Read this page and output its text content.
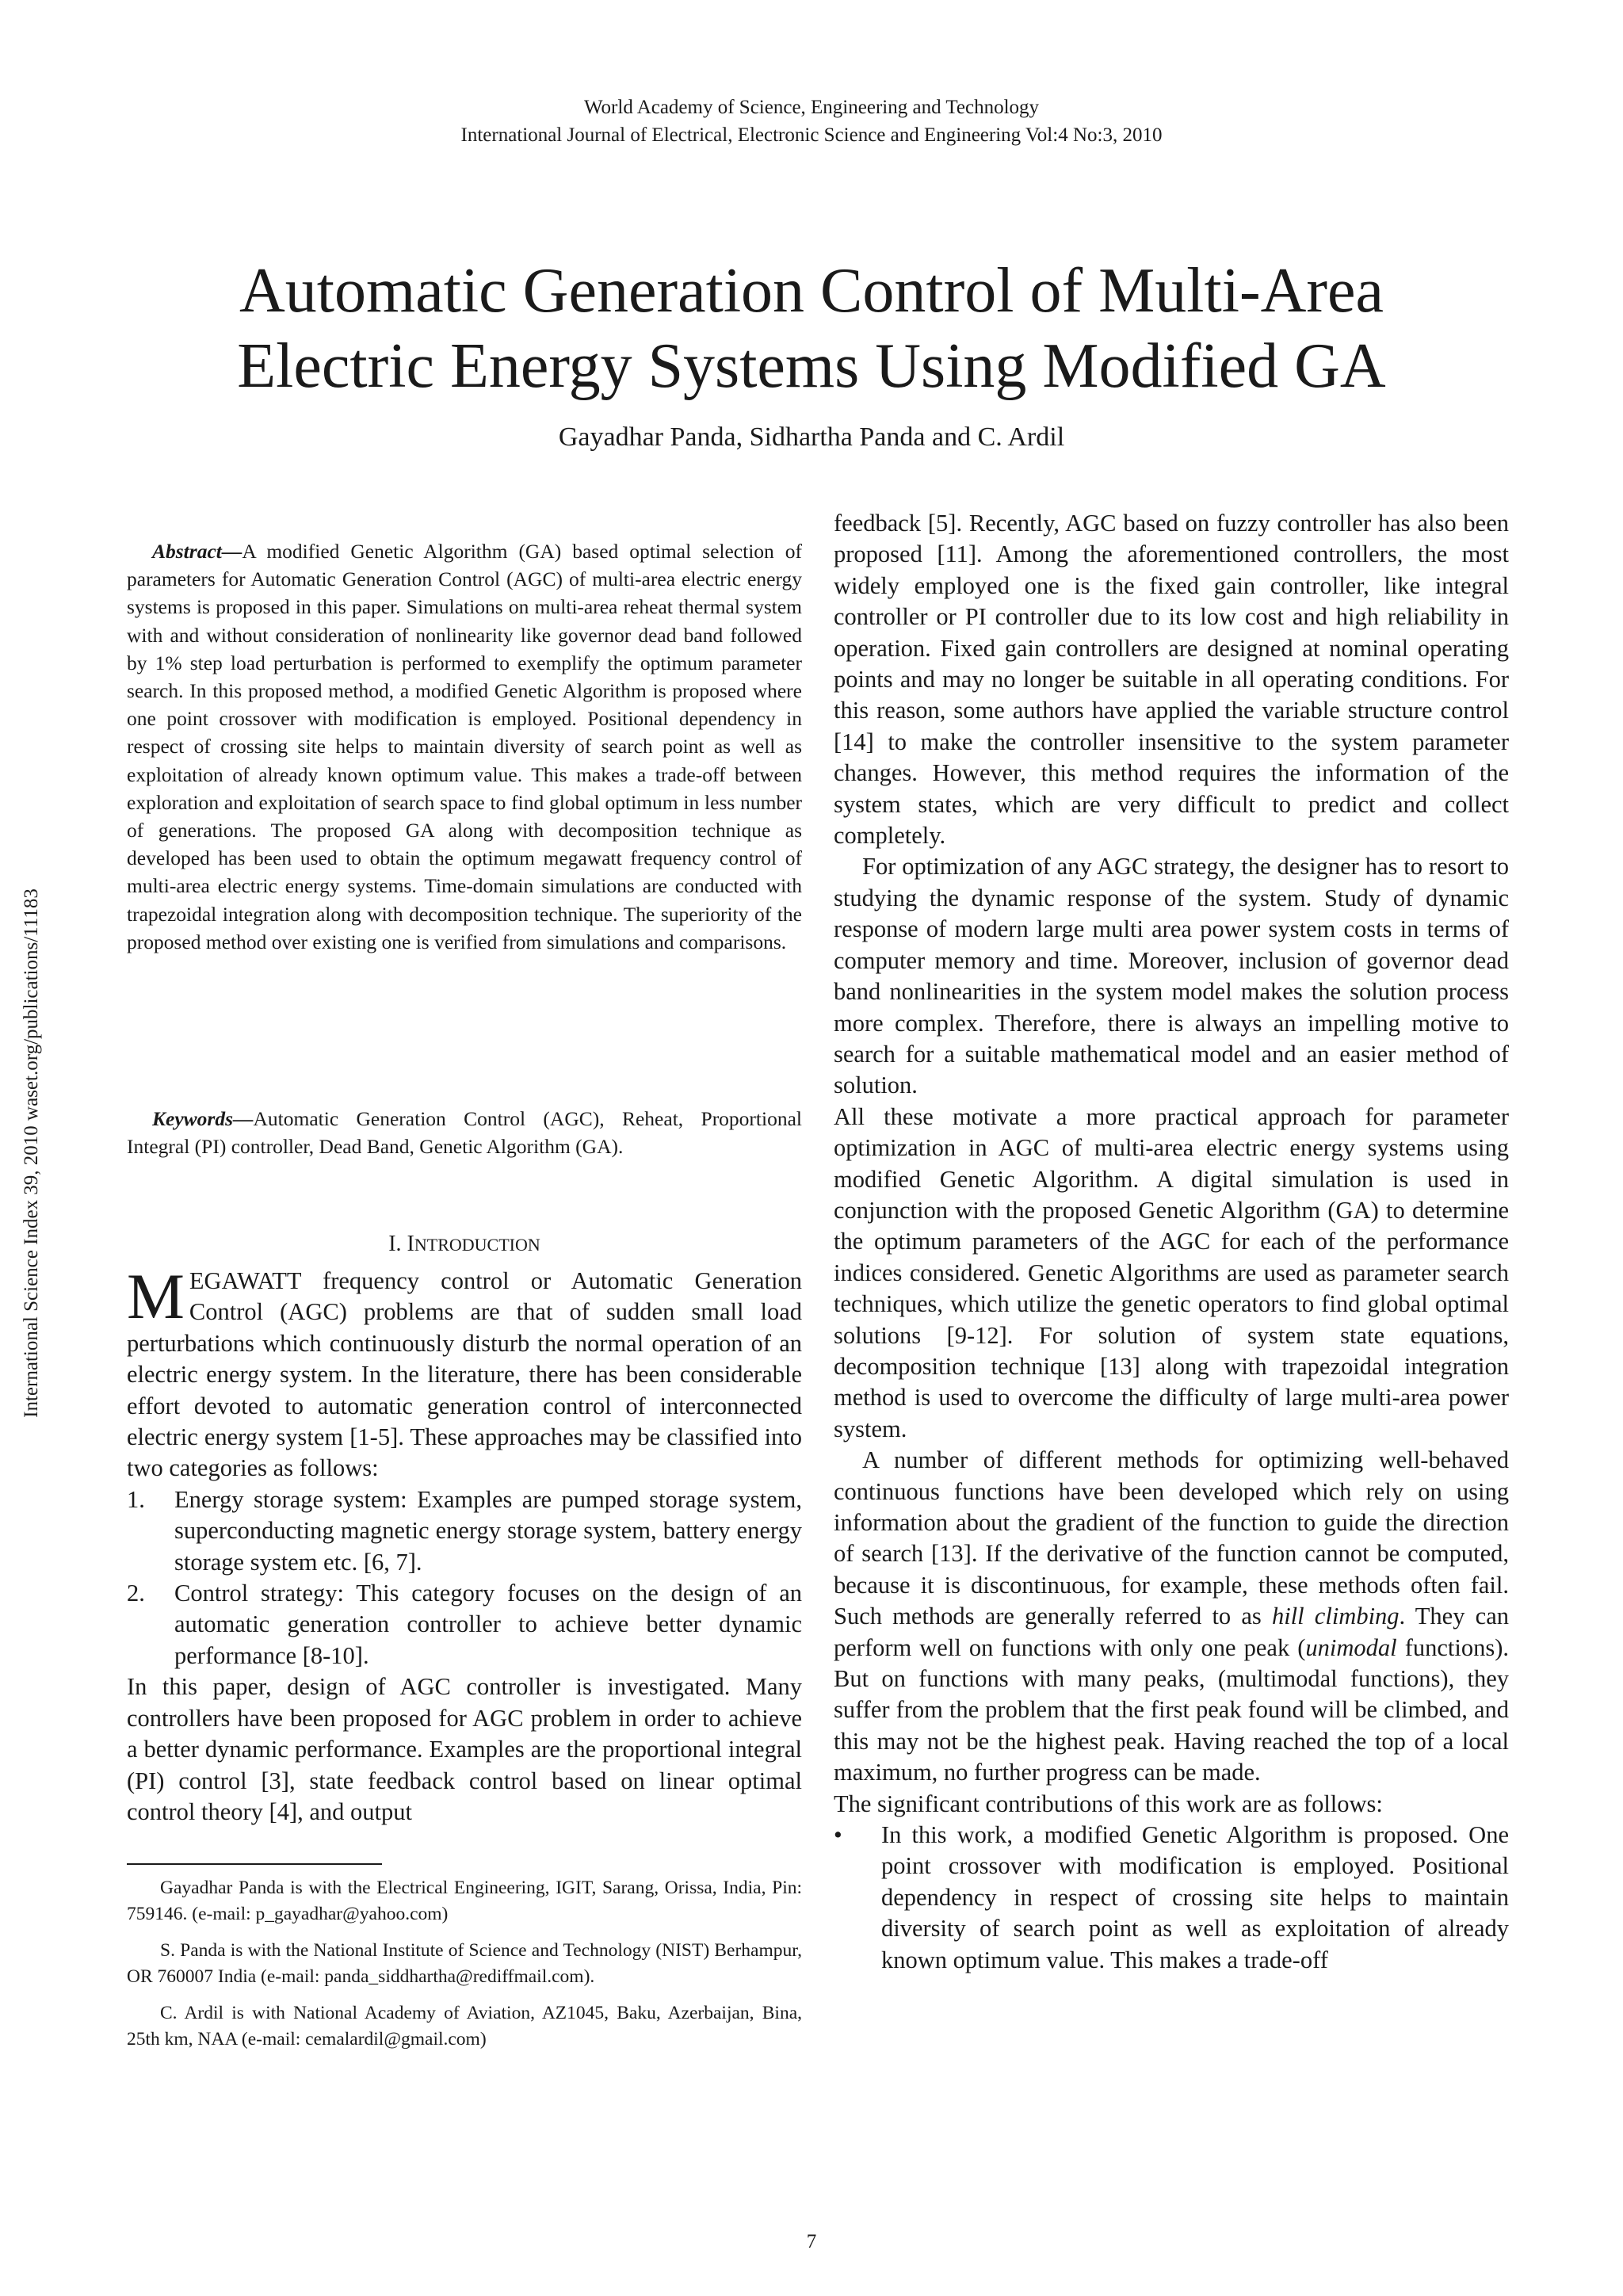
World Academy of Science, Engineering and Technology
International Journal of Electrical, Electronic Science and Engineering Vol:4 No:3, 2010
Automatic Generation Control of Multi-Area
Electric Energy Systems Using Modified GA
Gayadhar Panda, Sidhartha Panda and C. Ardil
International Science Index 39, 2010 waset.org/publications/11183

Abstract—A modified Genetic Algorithm (GA) based optimal selection of parameters for Automatic Generation Control (AGC) of multi-area electric energy systems is proposed in this paper. Simulations on multi-area reheat thermal system with and without consideration of nonlinearity like governor dead band followed by 1% step load perturbation is performed to exemplify the optimum parameter search. In this proposed method, a modified Genetic Algorithm is proposed where one point crossover with modification is employed. Positional dependency in respect of crossing site helps to maintain diversity of search point as well as exploitation of already known optimum value. This makes a trade-off between exploration and exploitation of search space to find global optimum in less number of generations. The proposed GA along with decomposition technique as developed has been used to obtain the optimum megawatt frequency control of multi-area electric energy systems. Time-domain simulations are conducted with trapezoidal integration along with decomposition technique. The superiority of the proposed method over existing one is verified from simulations and comparisons.

Keywords—Automatic Generation Control (AGC), Reheat, Proportional Integral (PI) controller, Dead Band, Genetic Algorithm (GA).

I. INTRODUCTION

MEGAWATT frequency control or Automatic Generation Control (AGC) problems are that of sudden small load perturbations which continuously disturb the normal operation of an electric energy system. In the literature, there has been considerable effort devoted to automatic generation control of interconnected electric energy system [1-5]. These approaches may be classified into two categories as follows:

1. Energy storage system: Examples are pumped storage system, superconducting magnetic energy storage system, battery energy storage system etc. [6, 7].
2. Control strategy: This category focuses on the design of an automatic generation controller to achieve better dynamic performance [8-10].

In this paper, design of AGC controller is investigated. Many controllers have been proposed for AGC problem in order to achieve a better dynamic performance. Examples are the proportional integral (PI) control [3], state feedback control based on linear optimal control theory [4], and output

Gayadhar Panda is with the Electrical Engineering, IGIT, Sarang, Orissa, India, Pin: 759146. (e-mail: p_gayadhar@yahoo.com)

S. Panda is with the National Institute of Science and Technology (NIST) Berhampur, OR 760007 India (e-mail: panda_siddhartha@rediffmail.com).

C. Ardil is with National Academy of Aviation, AZ1045, Baku, Azerbaijan, Bina, 25th km, NAA (e-mail: cemalardil@gmail.com)

feedback [5]. Recently, AGC based on fuzzy controller has also been proposed [11]. Among the aforementioned controllers, the most widely employed one is the fixed gain controller, like integral controller or PI controller due to its low cost and high reliability in operation. Fixed gain controllers are designed at nominal operating points and may no longer be suitable in all operating conditions. For this reason, some authors have applied the variable structure control [14] to make the controller insensitive to the system parameter changes. However, this method requires the information of the system states, which are very difficult to predict and collect completely.

For optimization of any AGC strategy, the designer has to resort to studying the dynamic response of the system. Study of dynamic response of modern large multi area power system costs in terms of computer memory and time. Moreover, inclusion of governor dead band nonlinearities in the system model makes the solution process more complex. Therefore, there is always an impelling motive to search for a suitable mathematical model and an easier method of solution.

All these motivate a more practical approach for parameter optimization in AGC of multi-area electric energy systems using modified Genetic Algorithm. A digital simulation is used in conjunction with the proposed Genetic Algorithm (GA) to determine the optimum parameters of the AGC for each of the performance indices considered. Genetic Algorithms are used as parameter search techniques, which utilize the genetic operators to find global optimal solutions [9-12]. For solution of system state equations, decomposition technique [13] along with trapezoidal integration method is used to overcome the difficulty of large multi-area power system.

A number of different methods for optimizing well-behaved continuous functions have been developed which rely on using information about the gradient of the function to guide the direction of search [13]. If the derivative of the function cannot be computed, because it is discontinuous, for example, these methods often fail. Such methods are generally referred to as hill climbing. They can perform well on functions with only one peak (unimodal functions). But on functions with many peaks, (multimodal functions), they suffer from the problem that the first peak found will be climbed, and this may not be the highest peak. Having reached the top of a local maximum, no further progress can be made.

The significant contributions of this work are as follows:

• In this work, a modified Genetic Algorithm is proposed. One point crossover with modification is employed. Positional dependency in respect of crossing site helps to maintain diversity of search point as well as exploitation of already known optimum value. This makes a trade-off
7
